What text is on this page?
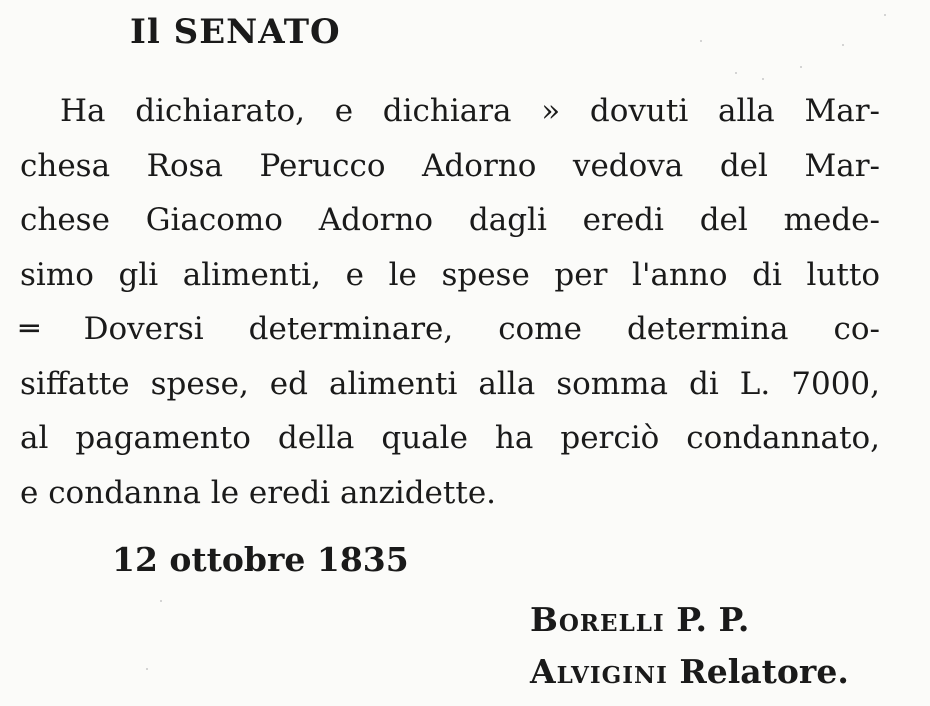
Il SENATO
Ha dichiarato, e dichiara » dovuti alla Mar-
chesa Rosa Perucco Adorno vedova del Mar-
chese Giacomo Adorno dagli eredi del mede-
simo gli alimenti, e le spese per l'anno di lutto
═ Doversi determinare, come determina co-
siffatte spese, ed alimenti alla somma di L. 7000,
al pagamento della quale ha perciò condannato,
e condanna le eredi anzidette.
12 ottobre 1835
Borelli P. P.
Alvigini Relatore.
